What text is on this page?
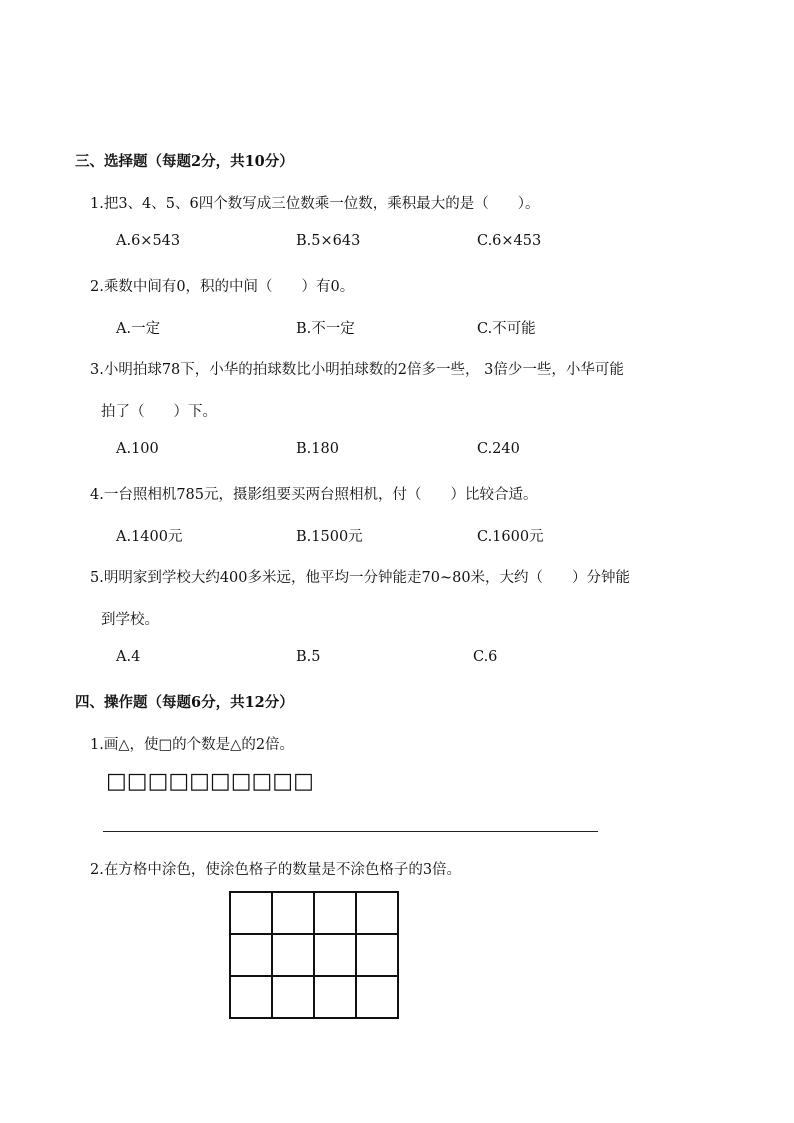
三、选择题（每题2分，共10分）
1.把3、4、5、6四个数写成三位数乘一位数，乘积最大的是（　　）。
A.6×543	B.5×643	C.6×453
2.乘数中间有0，积的中间（　　）有0。
A.一定	B.不一定	C.不可能
3.小明拍球78下，小华的拍球数比小明拍球数的2倍多一些， 3倍少一些，小华可能
拍了（　　）下。
A.100	B.180	C.240
4.一台照相机785元，摄影组要买两台照相机，付（　　）比较合适。
A.1400元	B.1500元	C.1600元
5.明明家到学校大约400多米远，他平均一分钟能走70~80米，大约（　　）分钟能
到学校。
A.4	B.5	C.6
四、操作题（每题6分，共12分）
1.画△，使□的个数是△的2倍。
□□□□□□□□□□
2.在方格中涂色，使涂色格子的数量是不涂色格子的3倍。
